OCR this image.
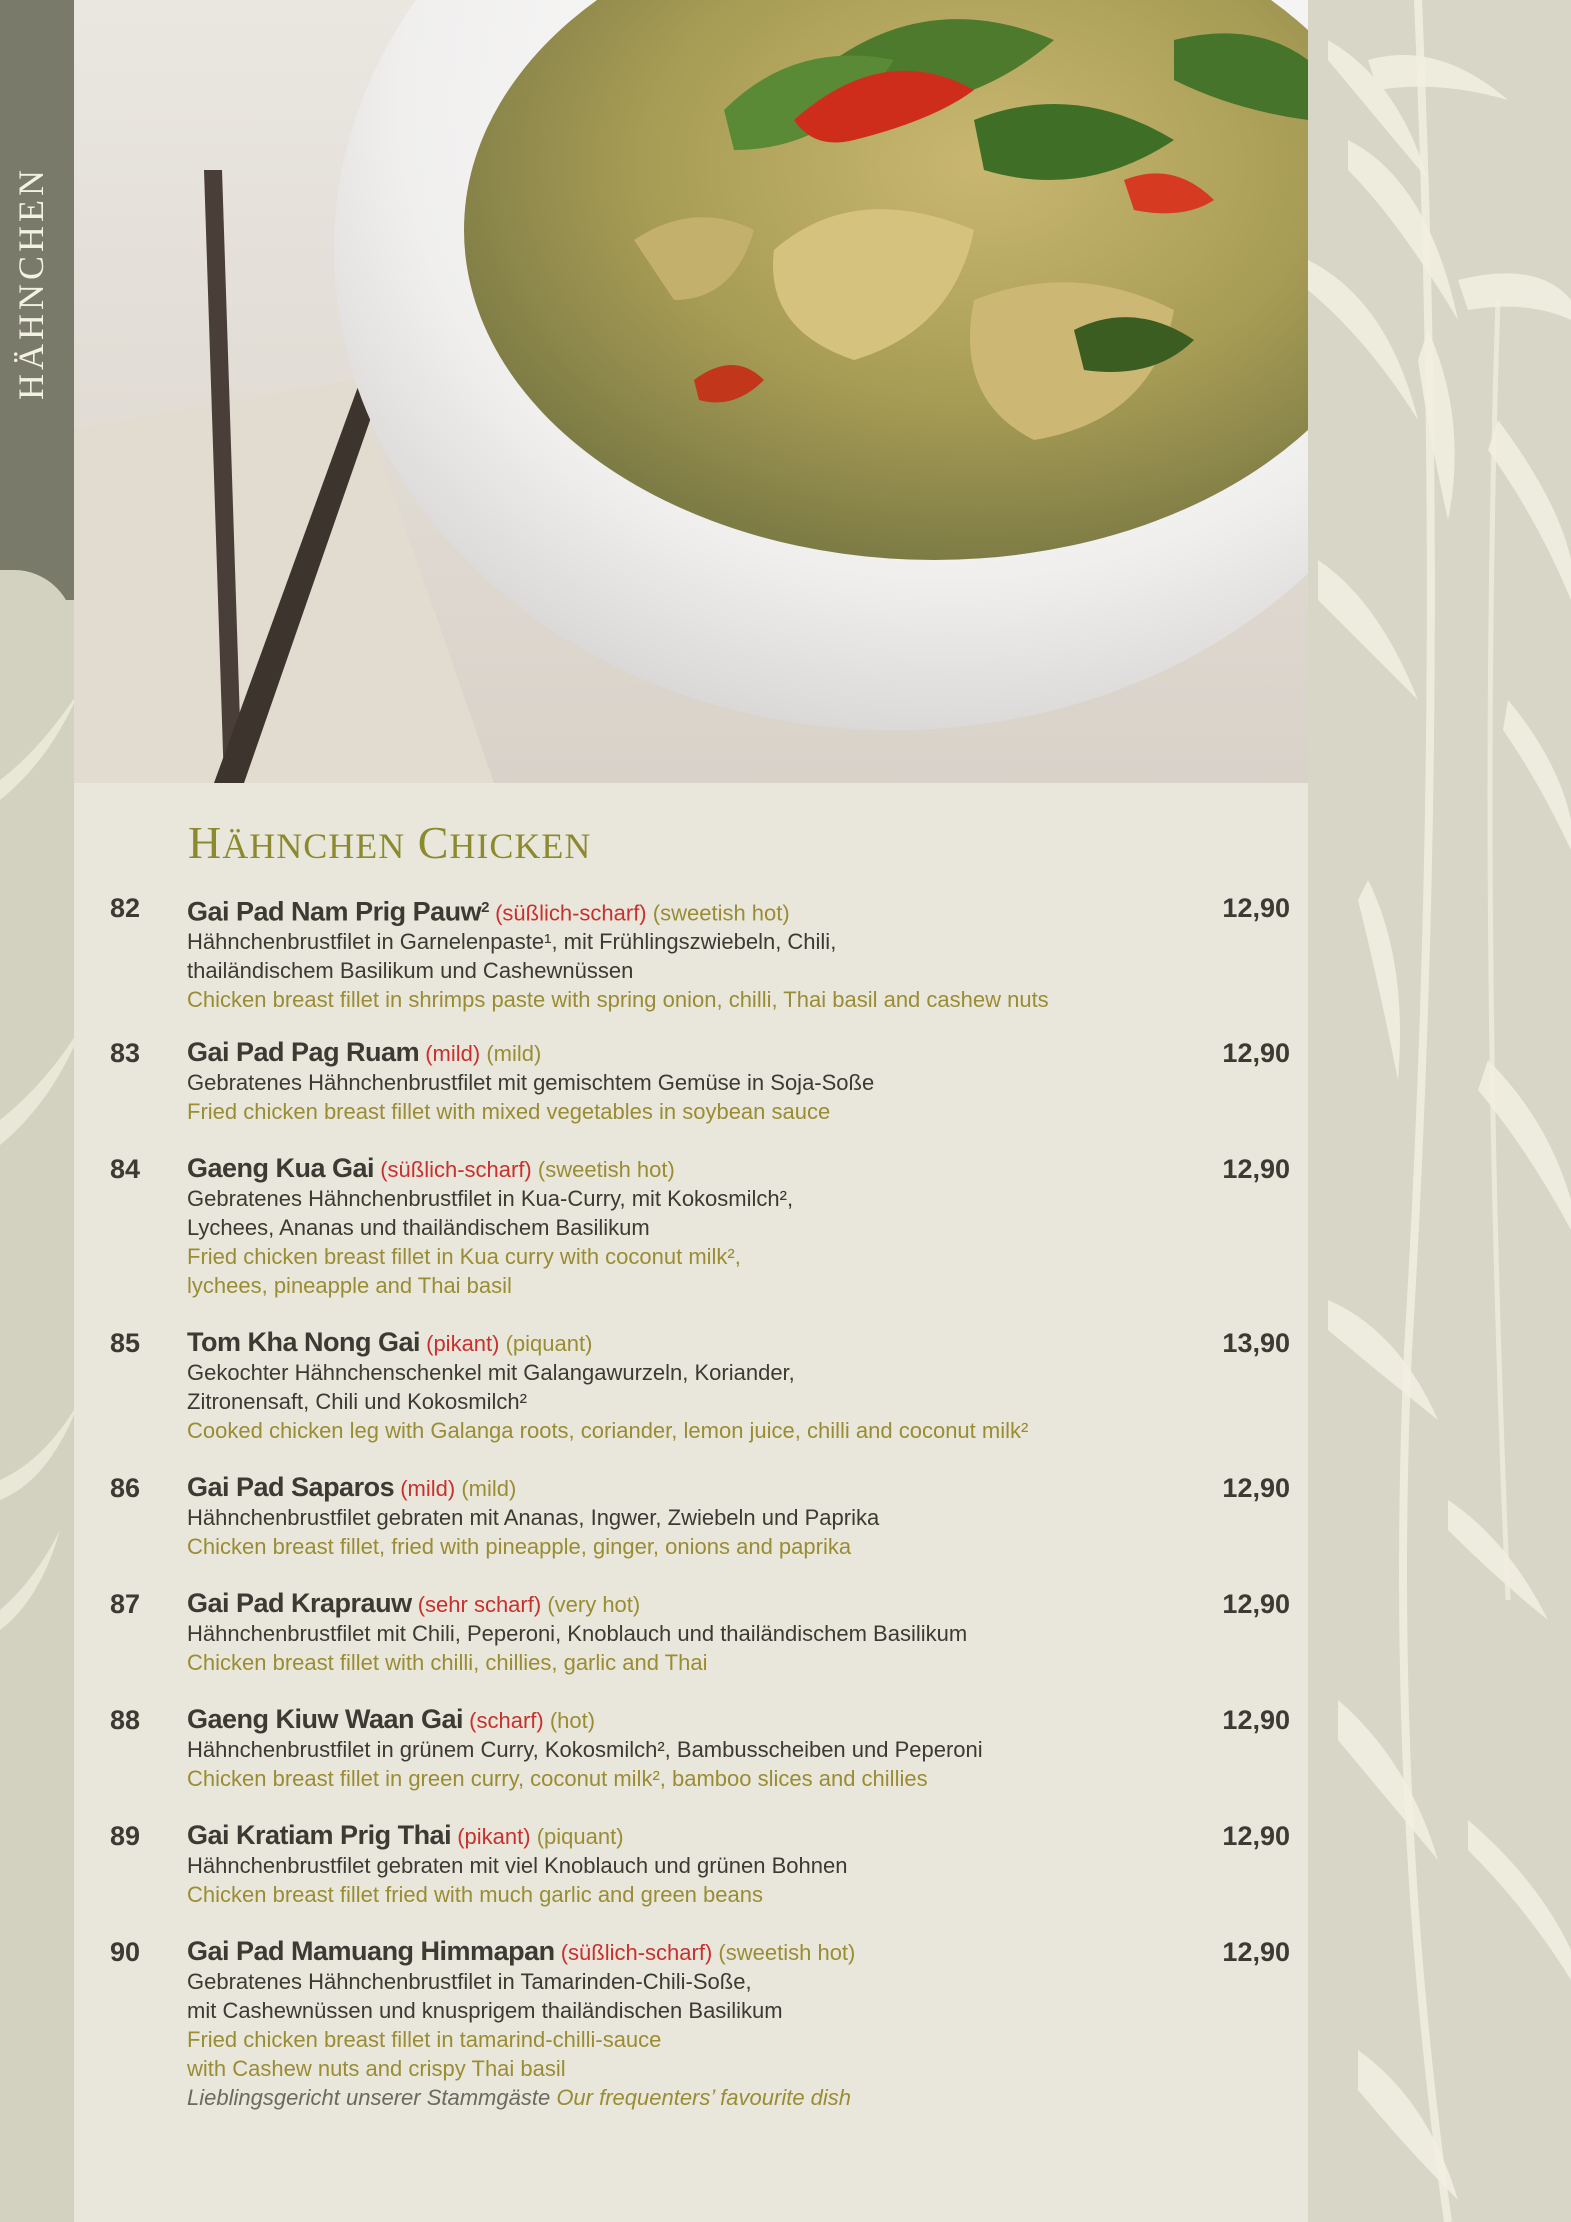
HÄHNCHEN
HÄHNCHEN CHICKEN
82	12,90
Gai Pad Nam Prig Pauw$^2$ (süßlich-scharf) (sweetish hot)
Hähnchenbrustfilet in Garnelenpaste¹, mit Frühlingszwiebeln, Chili,
thailändischem Basilikum und Cashewnüssen
Chicken breast fillet in shrimps paste with spring onion, chilli, Thai basil and cashew nuts
83	12,90
Gai Pad Pag Ruam (mild) (mild)
Gebratenes Hähnchenbrustfilet mit gemischtem Gemüse in Soja-Soße
Fried chicken breast fillet with mixed vegetables in soybean sauce
84	12,90
Gaeng Kua Gai (süßlich-scharf) (sweetish hot)
Gebratenes Hähnchenbrustfilet in Kua-Curry, mit Kokosmilch²,
Lychees, Ananas und thailändischem Basilikum
Fried chicken breast fillet in Kua curry with coconut milk²,
lychees, pineapple and Thai basil
85	13,90
Tom Kha Nong Gai (pikant) (piquant)
Gekochter Hähnchenschenkel mit Galangawurzeln, Koriander,
Zitronensaft, Chili und Kokosmilch²
Cooked chicken leg with Galanga roots, coriander, lemon juice, chilli and coconut milk²
86	12,90
Gai Pad Saparos (mild) (mild)
Hähnchenbrustfilet gebraten mit Ananas, Ingwer, Zwiebeln und Paprika
Chicken breast fillet, fried with pineapple, ginger, onions and paprika
87	12,90
Gai Pad Kraprauw (sehr scharf) (very hot)
Hähnchenbrustfilet mit Chili, Peperoni, Knoblauch und thailändischem Basilikum
Chicken breast fillet with chilli, chillies, garlic and Thai
88	12,90
Gaeng Kiuw Waan Gai (scharf) (hot)
Hähnchenbrustfilet in grünem Curry, Kokosmilch², Bambusscheiben und Peperoni
Chicken breast fillet in green curry, coconut milk², bamboo slices and chillies
89	12,90
Gai Kratiam Prig Thai (pikant) (piquant)
Hähnchenbrustfilet gebraten mit viel Knoblauch und grünen Bohnen
Chicken breast fillet fried with much garlic and green beans
90	12,90
Gai Pad Mamuang Himmapan (süßlich-scharf) (sweetish hot)
Gebratenes Hähnchenbrustfilet in Tamarinden-Chili-Soße,
mit Cashewnüssen und knusprigem thailändischen Basilikum
Fried chicken breast fillet in tamarind-chilli-sauce
with Cashew nuts and crispy Thai basil
Lieblingsgericht unserer Stammgäste Our frequenters’ favourite dish
